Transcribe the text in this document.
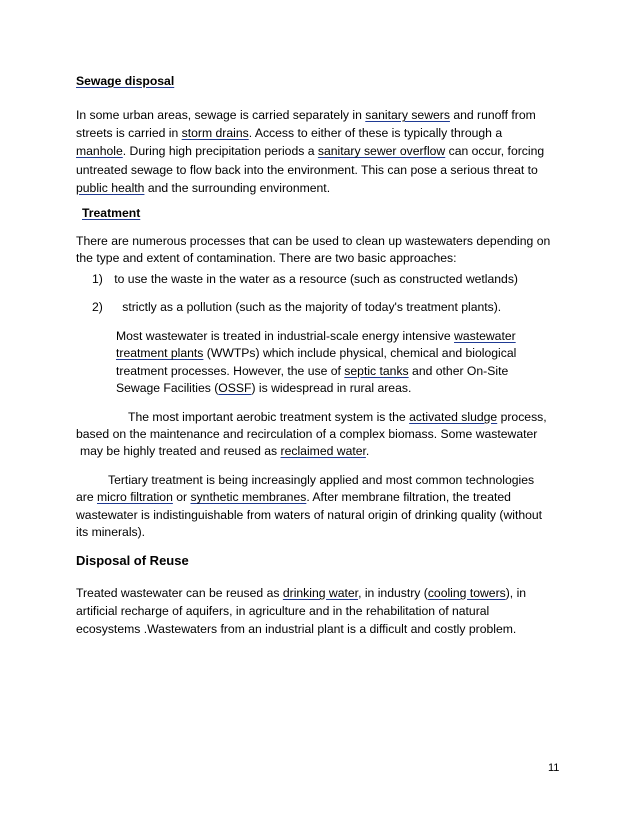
Sewage disposal

In some urban areas, sewage is carried separately in sanitary sewers and runoff from

streets is carried in storm drains. Access to either of these is typically through a

manhole. During high precipitation periods a sanitary sewer overflow can occur, forcing

untreated sewage to flow back into the environment. This can pose a serious threat to

public health and the surrounding environment.

Treatment

There are numerous processes that can be used to clean up wastewaters depending on

the type and extent of contamination. There are two basic approaches:

1) to use the waste in the water as a resource (such as constructed wetlands)

2) strictly as a pollution (such as the majority of today's treatment plants).

Most wastewater is treated in industrial-scale energy intensive wastewater

treatment plants (WWTPs) which include physical, chemical and biological

treatment processes. However, the use of septic tanks and other On-Site

Sewage Facilities (OSSF) is widespread in rural areas.

The most important aerobic treatment system is the activated sludge process,

based on the maintenance and recirculation of a complex biomass. Some wastewater

may be highly treated and reused as reclaimed water.

Tertiary treatment is being increasingly applied and most common technologies

are micro filtration or synthetic membranes. After membrane filtration, the treated

wastewater is indistinguishable from waters of natural origin of drinking quality (without

its minerals).

Disposal of Reuse

Treated wastewater can be reused as drinking water, in industry (cooling towers), in

artificial recharge of aquifers, in agriculture and in the rehabilitation of natural

ecosystems .Wastewaters from an industrial plant is a difficult and costly problem.

11
